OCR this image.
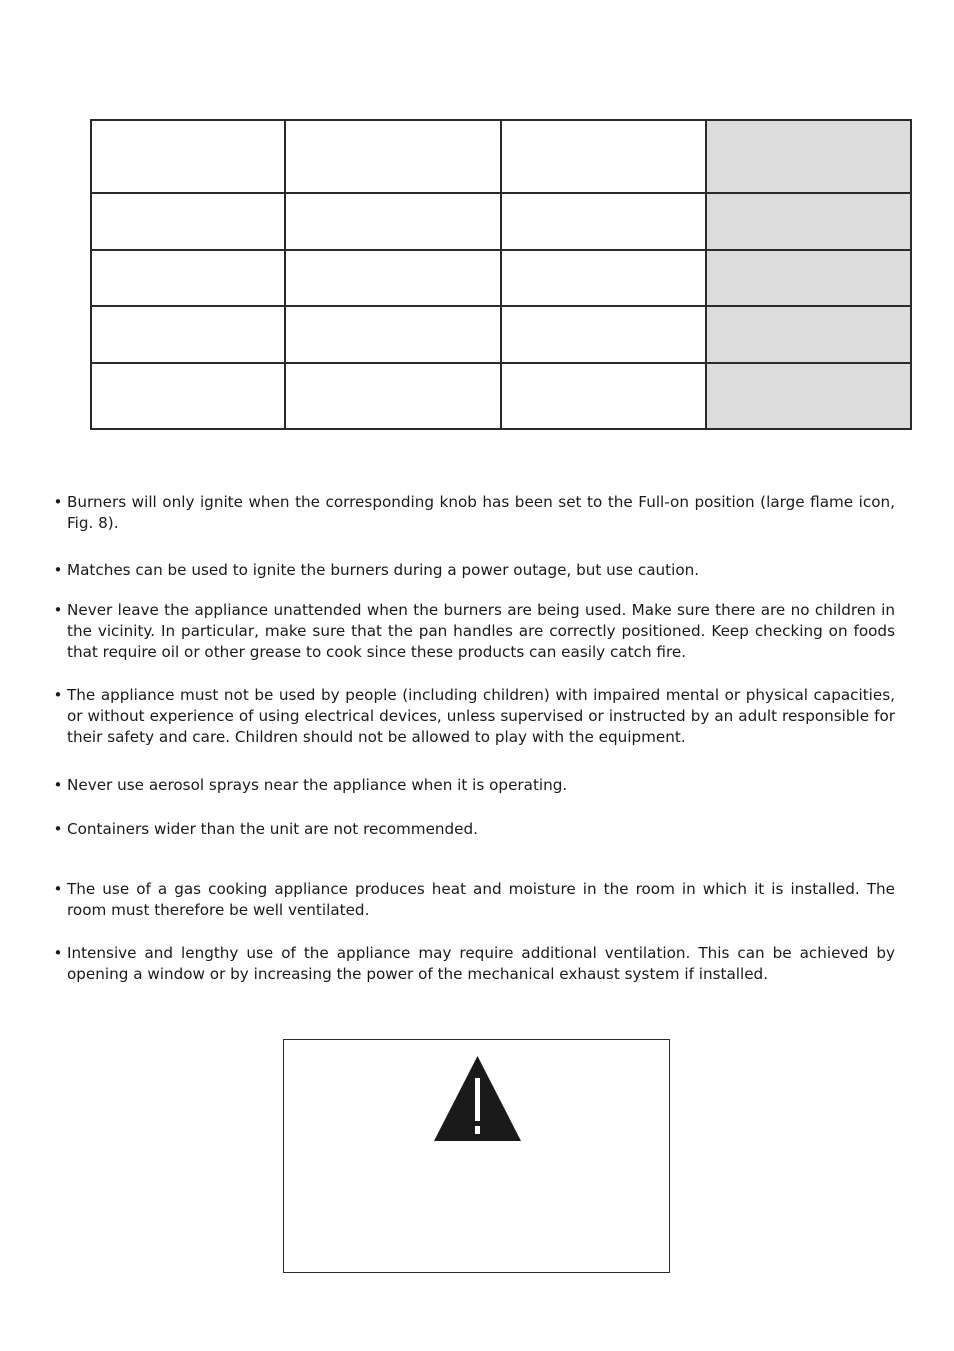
• Burners will only ignite when the corresponding knob has been set to the Full-on position (large flame icon, Fig. 8).
• Matches can be used to ignite the burners during a power outage, but use caution.
• Never leave the appliance unattended when the burners are being used. Make sure there are no children in the vicinity. In particular, make sure that the pan handles are correctly positioned. Keep checking on foods that require oil or other grease to cook since these products can easily catch fire.
• The appliance must not be used by people (including children) with impaired mental or physical capacities, or without experience of using electrical devices, unless supervised or instructed by an adult responsible for their safety and care. Children should not be allowed to play with the equipment.
• Never use aerosol sprays near the appliance when it is operating.
• Containers wider than the unit are not recommended.
• The use of a gas cooking appliance produces heat and moisture in the room in which it is installed. The room must therefore be well ventilated.
• Intensive and lengthy use of the appliance may require additional ventilation. This can be achieved by opening a window or by increasing the power of the mechanical exhaust system if installed.
